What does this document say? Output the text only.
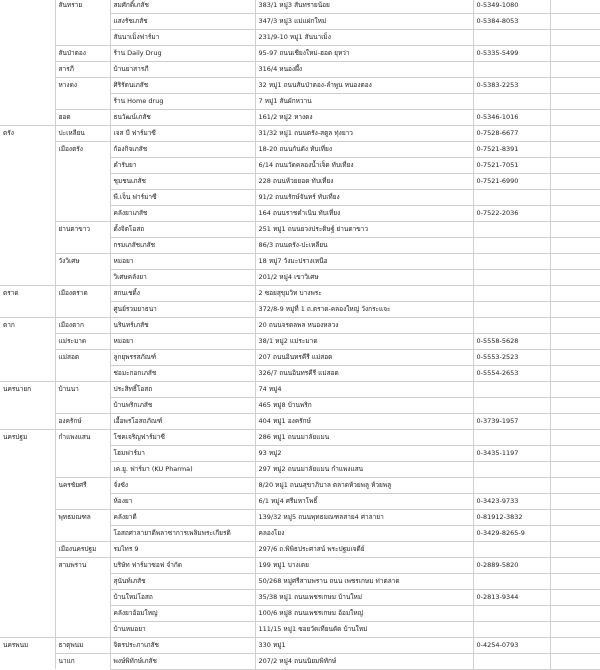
	สันทราย	สมศักดิ์เภสัช	383/1 หมู่3 สันทรายน้อย	0-5349-1080	
		แสงรัชเภสัช	347/3 หมู่3 แม่แฝกใหม่	0-5384-8053	
		สันนาเม็งฟาร์มา	231/9-10 หมู่1 สันนาเม็ง		
	สันป่าตอง	ร้าน Daily Drug	95-97 ถนนเชียงใหม่-ฮอด ยุหว่า	0-5335-5499	
	สารภี	บ้านยาสารภี	316/4 หนองผึ้ง		
	หางดง	ศิริรัตนเภสัช	32 หมู่1 ถนนสันป่าตอง-ลำพูน หนองตอง	0-5383-2253	
		ร้าน Home drug	7 หมู่1 สันผักหวาน		
	ฮอด	ธนวัฒน์เภสัช	161/2 หมู่2 หางดง	0-5346-1016	
ตรัง	ปะเหลียน	เจส บี ฟาร์มาซี	31/32 หมู่1 ถนนตรัง-สตูล ทุ่งยาว	0-7528-6677	
	เมืองตรัง	ก้องกิจเภสัช	18-20 ถนนกันตัง ทับเที่ยง	0-7521-8391	
		ตำรับยา	6/14 ถนนวัดคลองน้ำเจ็ด ทับเที่ยง	0-7521-7051	
		ชุมชนเภสัช	228 ถนนห้วยยอด ทับเที่ยง	0-7521-6990	
		พี.เจ็น ฟาร์มาซี	91/2 ถนนรักษ์จันทร์ ทับเที่ยง		
		คลังยาเภสัช	164 ถนนราชดำเนิน ทับเที่ยง	0-7522-2036	
	ย่านตาขาว	ตั้งจิตโอสถ	251 หมู่1 ถนนยวงประดิษฐ์ ย่านตาขาว		
		กรมเภสัชเภสัช	86/3 ถนนตรัง-ปะเหลียน		
	วังวิเศษ	หมอยา	18 หมู่7 วังมะปรางเหนือ		
		วิเศษคลังยา	201/2 หมู่4 เขาวิเศษ		
ตราด	เมืองตราด	สกนเชดิ้ง	2 ซอยสุขุมวิท บางพระ		
		ศูนย์รวมยาธนา	372/8-9 หมู่ที่ 1 ถ.ตราด-คลองใหญ่ วังกระแจะ		
ตาก	เมืองตาก	นรินทร์เภสัช	20 ถนนจรดลพล หนองหลวง		
	แม่ระมาด	หมอยา	38/1 หมู่2 แม่ระมาด	0-5558-5628	
	แม่สอด	ลูกยุพรรสภัณฑ์	207 ถนนอินทรคีรี แม่สอด	0-5553-2523	
		ช่อมะกอกเภสัช	326/7 ถนนอินทรคีรี แม่สอด	0-5554-2653	
นครนายก	บ้านนา	ประสิทธิ์โอสถ	74 หมู่4		
		บ้านพริกเภสัช	465 หมู่8 บ้านพริก		
	องครักษ์	เอื้อพรโอสถภัณฑ์	404 หมู่1 องครักษ์	0-3739-1957	
นครปฐม	กำแพงแสน	โชคเจริญฟาร์มาซี	286 หมู่1 ถนนมาลัยแมน		
		โฮมฟาร์มา	93 หมู่2	0-3435-1197	
		เค.ยู. ฟาร์มา (KU Pharma)	297 หมู่2 ถนนมาลัยแมน กำแพงแสน		
	นครชัยศรี	จั่งซัง	8/20 หมู่1 ถนนสุขาภิบาล ตลาดห้วยพลู ห้วยพลู		
		ห้องยา	6/1 หมู่4 ศรีมหาโพธิ์	0-3423-9733	
	พุทธมณฑล	คลังยาดี	139/32 หมู่5 ถนนพุทธมณฑลสาย4 ศาลายา	0-81912-3832	
		โอสถศาลายาดีพลาซาการเพลิมพระเกียรติ	คลองโยง	0-3429-8265-9	
	เมืองนครปฐม	รมไทร 9	297/6 ถ.พิพิธประศาสน์ พระปฐมเจดีย์		
	สามพราน	บริษัท ฟาร์มาซอฟ จำกัด	199 หมู่1 บางเตย	0-2889-5820	
		สุนันท์เภสัช	50/268 หมู่ศรีสามพราน ถนน เพชรเกษม ท่าตลาด		
		บ้านใหม่โอสถ	35/38 หมู่1 ถนนเพชรเกษม บ้านใหม่	0-2813-9344	
		คลังยาอ้อมใหญ่	100/6 หมู่8 ถนนเพชรเกษม อ้อมใหญ่		
		บ้านหมอยา	111/15 หมู่1 ซอยวัดเทียนดัด บ้านใหม่		
นครพนม	ธาตุพนม	จิตรประภาเภสัช	330 หมู่1	0-4254-0793	
	นาแก	พงษ์พิทักษ์เภสัช	207/2 หมู่4 ถนนนิยมพิทักษ์		
